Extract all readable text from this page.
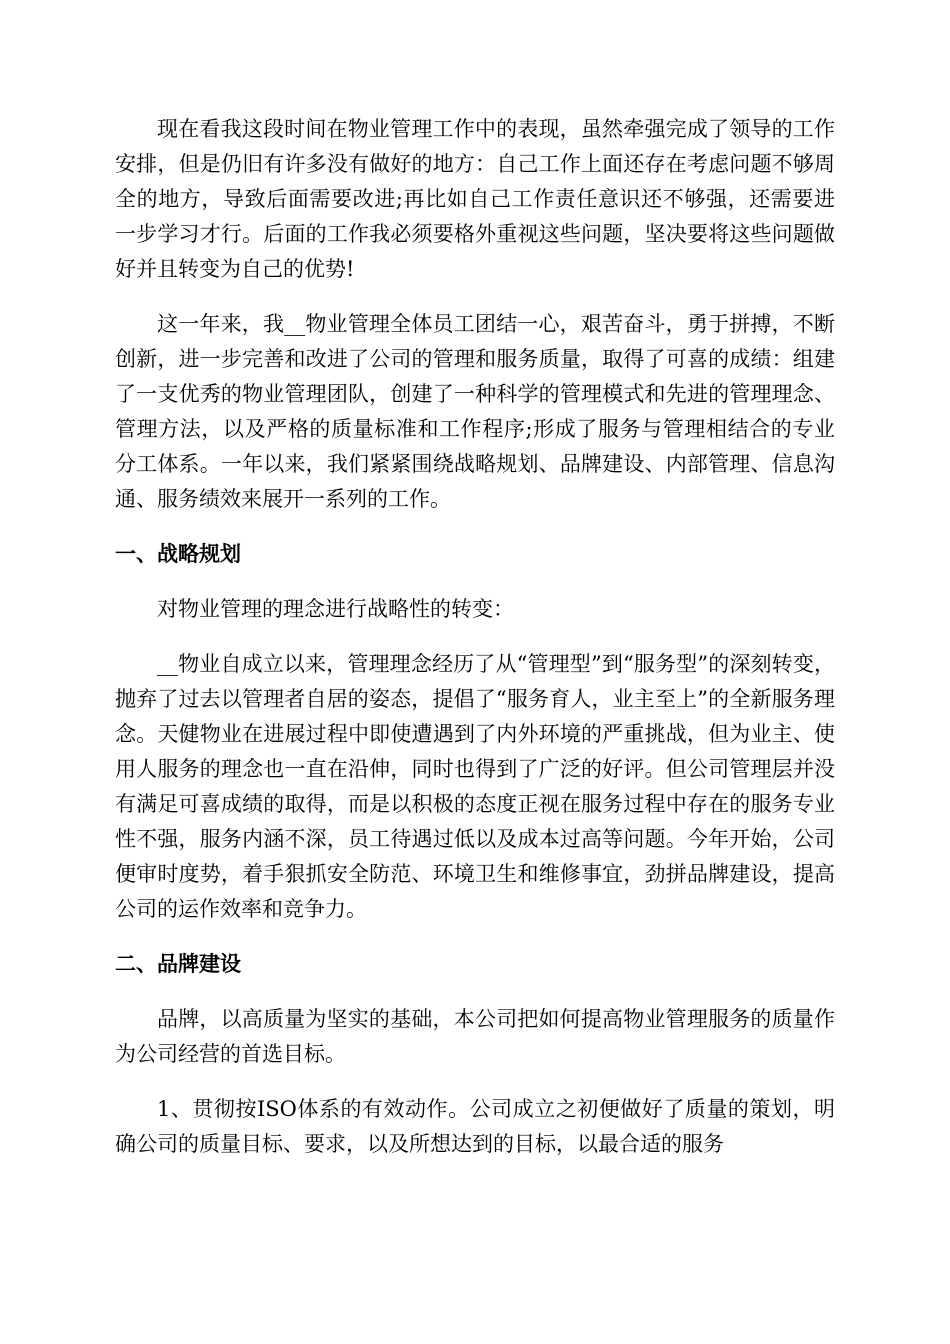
现在看我这段时间在物业管理工作中的表现，虽然牵强完成了领导的工作安排，但是仍旧有许多没有做好的地方：自己工作上面还存在考虑问题不够周全的地方，导致后面需要改进;再比如自己工作责任意识还不够强，还需要进一步学习才行。后面的工作我必须要格外重视这些问题，坚决要将这些问题做好并且转变为自己的优势!

这一年来，我__物业管理全体员工团结一心，艰苦奋斗，勇于拼搏，不断创新，进一步完善和改进了公司的管理和服务质量，取得了可喜的成绩：组建了一支优秀的物业管理团队，创建了一种科学的管理模式和先进的管理理念、管理方法，以及严格的质量标准和工作程序;形成了服务与管理相结合的专业分工体系。一年以来，我们紧紧围绕战略规划、品牌建设、内部管理、信息沟通、服务绩效来展开一系列的工作。

一、战略规划

对物业管理的理念进行战略性的转变：

__物业自成立以来，管理理念经历了从“管理型”到“服务型”的深刻转变，抛弃了过去以管理者自居的姿态，提倡了“服务育人，业主至上”的全新服务理念。天健物业在进展过程中即使遭遇到了内外环境的严重挑战，但为业主、使用人服务的理念也一直在沿伸，同时也得到了广泛的好评。但公司管理层并没有满足可喜成绩的取得，而是以积极的态度正视在服务过程中存在的服务专业性不强，服务内涵不深，员工待遇过低以及成本过高等问题。今年开始，公司便审时度势，着手狠抓安全防范、环境卫生和维修事宜，劲拼品牌建设，提高公司的运作效率和竞争力。

二、品牌建设

品牌，以高质量为坚实的基础，本公司把如何提高物业管理服务的质量作为公司经营的首选目标。

1、贯彻按ISO体系的有效动作。公司成立之初便做好了质量的策划，明确公司的质量目标、要求，以及所想达到的目标，以最合适的服务
